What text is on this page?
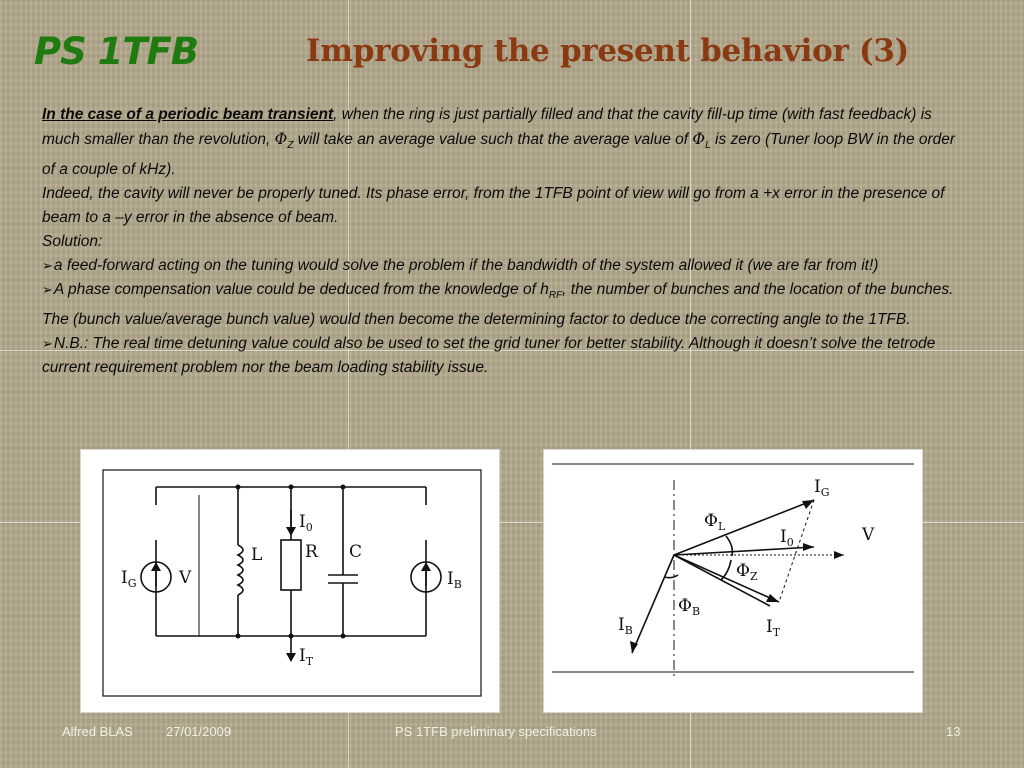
PS 1TFB	Improving the present behavior (3)

In the case of a periodic beam transient, when the ring is just partially filled and that the cavity fill-up time (with fast feedback) is much smaller than the revolution, $\Phi_Z$ will take an average value such that the average value of $\Phi_L$ is zero (Tuner loop BW in the order of a couple of kHz).

Indeed, the cavity will never be properly tuned. Its phase error, from the 1TFB point of view will go from a +x error in the presence of beam to a –y error in the absence of beam.

Solution:

➢a feed-forward acting on the tuning would solve the problem if the bandwidth of the system allowed it (we are far from it!)

➢A phase compensation value could be deduced from the knowledge of $h_{RF}$, the number of bunches and the location of the bunches. The (bunch value/average bunch value) would then become the determining factor to deduce the correcting angle to the 1TFB.

➢N.B.: The real time detuning value could also be used to set the grid tuner for better stability. Although it doesn’t solve the tetrode current requirement problem nor the beam loading stability issue.

$I_G$ V
L	R C
$I_0$
$I_B$
$I_T$
$I_G$
$\Phi_L$
$I_0$	V
$\Phi_Z$
$\Phi_B$
$I_B$	$I_T$
Alfred BLAS	27/01/2009	PS 1TFB preliminary specifications	13
